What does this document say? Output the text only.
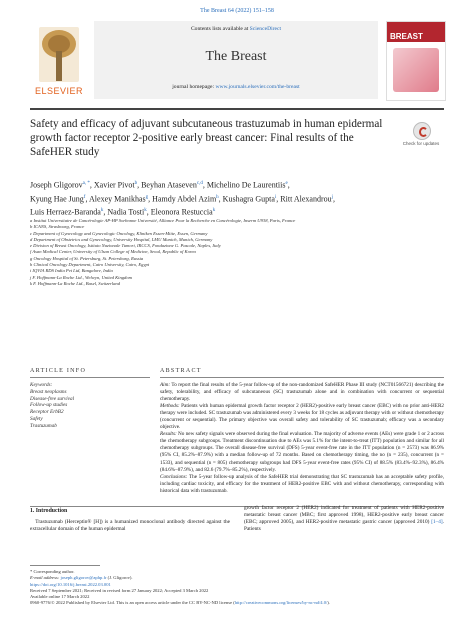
The Breast 64 (2022) 151–158
ELSEVIER
Contents lists available at ScienceDirect
The Breast
journal homepage: www.journals.elsevier.com/the-breast
BREAST
Safety and efficacy of adjuvant subcutaneous trastuzumab in human epidermal growth factor receptor 2-positive early breast cancer: Final results of the SafeHER study
Check for updates
Joseph Gligorov$^{a, *}$, Xavier Pivot$^b$, Beyhan Ataseven$^{c,d}$, Michelino De Laurentiis$^e$,
Kyung Hae Jung$^f$, Alexey Manikhas$^g$, Hamdy Abdel Azim$^h$, Kushagra Gupta$^i$, Ritt Alexandrou$^j$,
Luis Herraez-Baranda$^k$, Nadia Tosti$^k$, Eleonora Restuccia$^k$
a Institut Universitaire de Cancérologie AP-HP Sorbonne Université, Alliance Pour la Recherche en Cancérologie, Inserm U938, Paris, France
b ICANS, Strasbourg, France
c Department of Gynecology and Gynecologic Oncology, Kliniken Essen-Mitte, Essen, Germany
d Department of Obstetrics and Gynecology, University Hospital, LMU Munich, Munich, Germany
e Division of Breast Oncology, Istituto Nazionale Tumori, IRCCS, Fondazione G. Pascale, Naples, Italy
f Asan Medical Center, University of Ulsan College of Medicine, Seoul, Republic of Korea
g Oncology Hospital of St. Petersburg, St. Petersburg, Russia
h Clinical Oncology Department, Cairo University, Cairo, Egypt
i IQVIA RDS India Pvt Ltd, Bangalore, India
j F. Hoffmann-La Roche Ltd., Welwyn, United Kingdom
k F. Hoffmann-La Roche Ltd., Basel, Switzerland
ARTICLE INFO	ABSTRACT
Keywords:
Breast neoplasms
Disease-free survival
Follow-up studies
Receptor ErbB2
Safety
Trastuzumab

Aim: To report the final results of the 5-year follow-up of the non-randomized SafeHER Phase III study (NCT01566721) describing the safety, tolerability, and efficacy of subcutaneous (SC) trastuzumab alone and in combination with concurrent or sequential chemotherapy.

Methods: Patients with human epidermal growth factor receptor 2 (HER2)-positive early breast cancer (EBC) with no prior anti-HER2 therapy were included. SC trastuzumab was administered every 3 weeks for 18 cycles as adjuvant therapy with or without chemotherapy (concurrent or sequential). The primary objective was overall safety and tolerability of SC trastuzumab; efficacy was a secondary objective.

Results: No new safety signals were observed during the final evaluation. The majority of adverse events (AEs) were grade 1 or 2 across the chemotherapy subgroups. Treatment discontinuation due to AEs was 5.1% for the intent-to-treat (ITT) population and similar for all chemotherapy subgroups. The overall disease-free survival (DFS) 5-year event-free rate in the ITT population (n = 2573) was 86.9% (95% CI, 85.2%–87.9%) with a median follow-up of 72 months. Based on chemotherapy timing, the no (n = 235), concurrent (n = 1533), and sequential (n = 805) chemotherapy subgroups had DFS 5-year event-free rates (95% CI) of 88.5% (83.4%–92.3%), 86.4% (84.6%–87.9%), and 82.6 (79.7%–85.2%), respectively.

Conclusions: The 5-year follow-up analysis of the SafeHER trial demonstrating that SC trastuzumab has an acceptable safety profile, including cardiac toxicity, and efficacy for the treatment of HER2-positive EBC with and without chemotherapy, corresponding with historical data with trastuzumab.

1. Introduction
 Trastuzumab (Herceptin® [H]) is a humanized monoclonal antibody directed against the extracellular domain of the human epidermal
growth factor receptor 2 (HER2) indicated for treatment of patients with HER2-positive metastatic breast cancer (MBC; first approved 1998), HER2-positive early breast cancer (EBC; approved 2005), and HER2-positive metastatic gastric cancer (approved 2010) [1–4]. Patients
* Corresponding author.
E-mail address: joseph.gligorov@aphp.fr (J. Gligorov).
https://doi.org/10.1016/j.breast.2022.03.001
Received 7 September 2021; Received in revised form 27 January 2022; Accepted 3 March 2022
Available online 17 March 2022
0960-9776/© 2022 Published by Elsevier Ltd. This is an open access article under the CC BY-NC-ND license (http://creativecommons.org/licenses/by-nc-nd/4.0/).
